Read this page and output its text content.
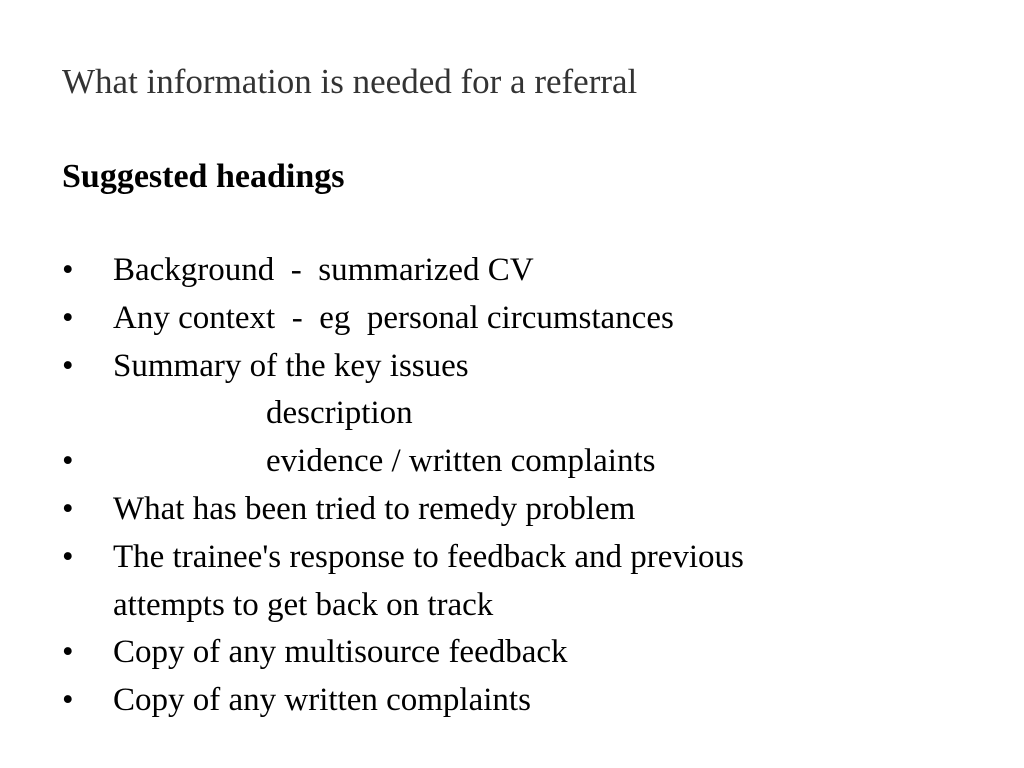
What information is needed for a referral
Suggested headings
• Background  -  summarized CV
• Any context  -  eg  personal circumstances
• Summary of the key issues
description
•	evidence / written complaints
• What has been tried to remedy problem
• The trainee's response to feedback and previous
attempts to get back on track
• Copy of any multisource feedback
• Copy of any written complaints
